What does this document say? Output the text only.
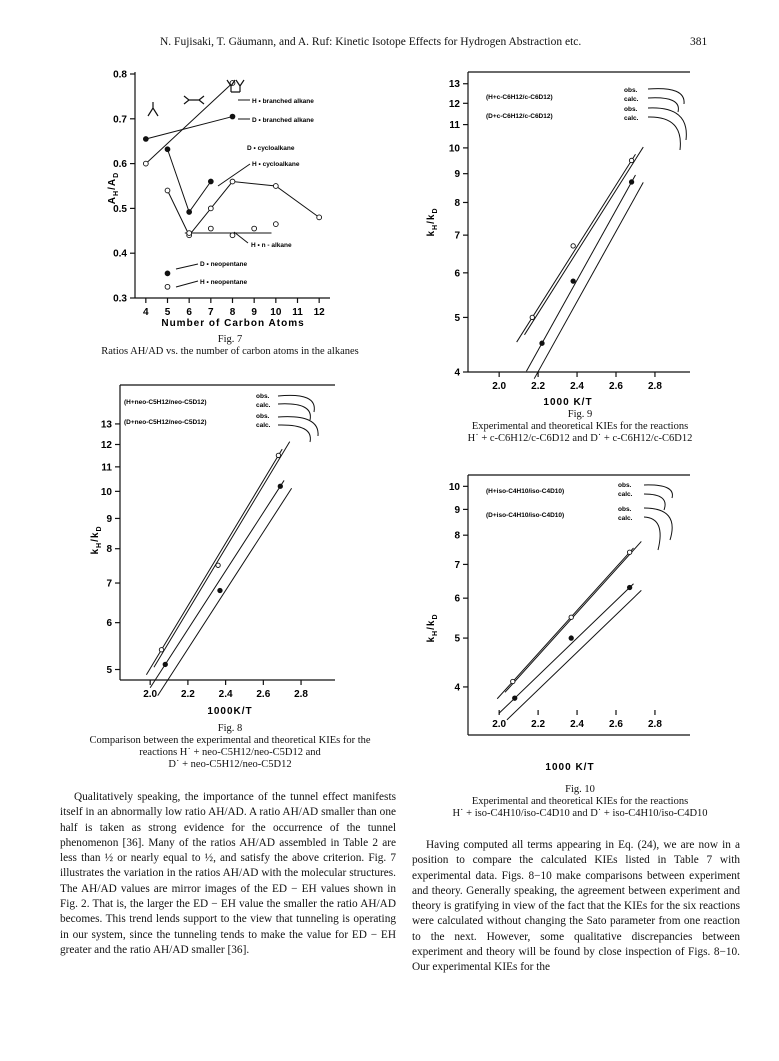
N. Fujisaki, T. Gäumann, and A. Ruf: Kinetic Isotope Effects for Hydrogen Abstraction etc.	381
0.3
0.4
0.5
0.6
0.7
0.8
4 5 6 7 8 9 10 11 12
$A_H/A_D$
Number of Carbon Atoms
H • branched alkane
D • branched alkane
D • cycloalkane
H • cycloalkane
H • n - alkane
D • neopentane
H • neopentane
Fig. 7
Ratios AH/AD vs. the number of carbon atoms in the alkanes
5
6
7
8
9
10
11
12
13
2.0 2.2 2.4 2.6 2.8
$k_H/k_D$
1000K/T
(H+neo-C5H12/neo-C5D12)
(D+neo-C5H12/neo-C5D12)
obs.
calc.
obs.
calc.
Fig. 8
Comparison between the experimental and theoretical KIEs for the
reactions H˙ + neo-C5H12/neo-C5D12 and
D˙ + neo-C5H12/neo-C5D12
4
5
6
7
8
9
10
11
12
13
2.0	2.2	2.4	2.6	2.8
$k_H/k_D$
1000 K/T
(H+c-C6H12/c-C6D12)
(D+c-C6H12/c-C6D12)
obs.
calc.
obs.
calc.
Fig. 9
Experimental and theoretical KIEs for the reactions
H˙ + c-C6H12/c-C6D12 and D˙ + c-C6H12/c-C6D12
4
5
6
7
8
9
10
2.0	2.2	2.4	2.6	2.8
$k_H/k_D$
1000 K/T
(H+iso-C4H10/iso-C4D10)
(D+iso-C4H10/iso-C4D10)
obs.
calc.
obs.
calc.
Fig. 10
Experimental and theoretical KIEs for the reactions
H˙ + iso-C4H10/iso-C4D10 and D˙ + iso-C4H10/iso-C4D10

Qualitatively speaking, the importance of the tunnel effect manifests itself in an abnormally low ratio AH/AD. A ratio AH/AD smaller than one half is taken as strong evidence for the occurrence of the tunnel phenomenon [36]. Many of the ratios AH/AD assembled in Table 2 are less than ½ or nearly equal to ½, and satisfy the above criterion. Fig. 7 illustrates the variation in the ratios AH/AD with the molecular structures. The AH/AD values are mirror images of the ED − EH values shown in Fig. 2. That is, the larger the ED − EH value the smaller the ratio AH/AD becomes. This trend lends support to the view that tunneling is operating in our system, since the tunneling tends to make the value for ED − EH greater and the ratio AH/AD smaller [36].

Having computed all terms appearing in Eq. (24), we are now in a position to compare the calculated KIEs listed in Table 7 with experimental data. Figs. 8−10 make comparisons between experiment and theory. Generally speaking, the agreement between experiment and theory is gratifying in view of the fact that the KIEs for the six reactions were calculated without changing the Sato parameter from one reaction to the next. However, some qualitative discrepancies between experiment and theory will be found by close inspection of Figs. 8−10. Our experimental KIEs for the
